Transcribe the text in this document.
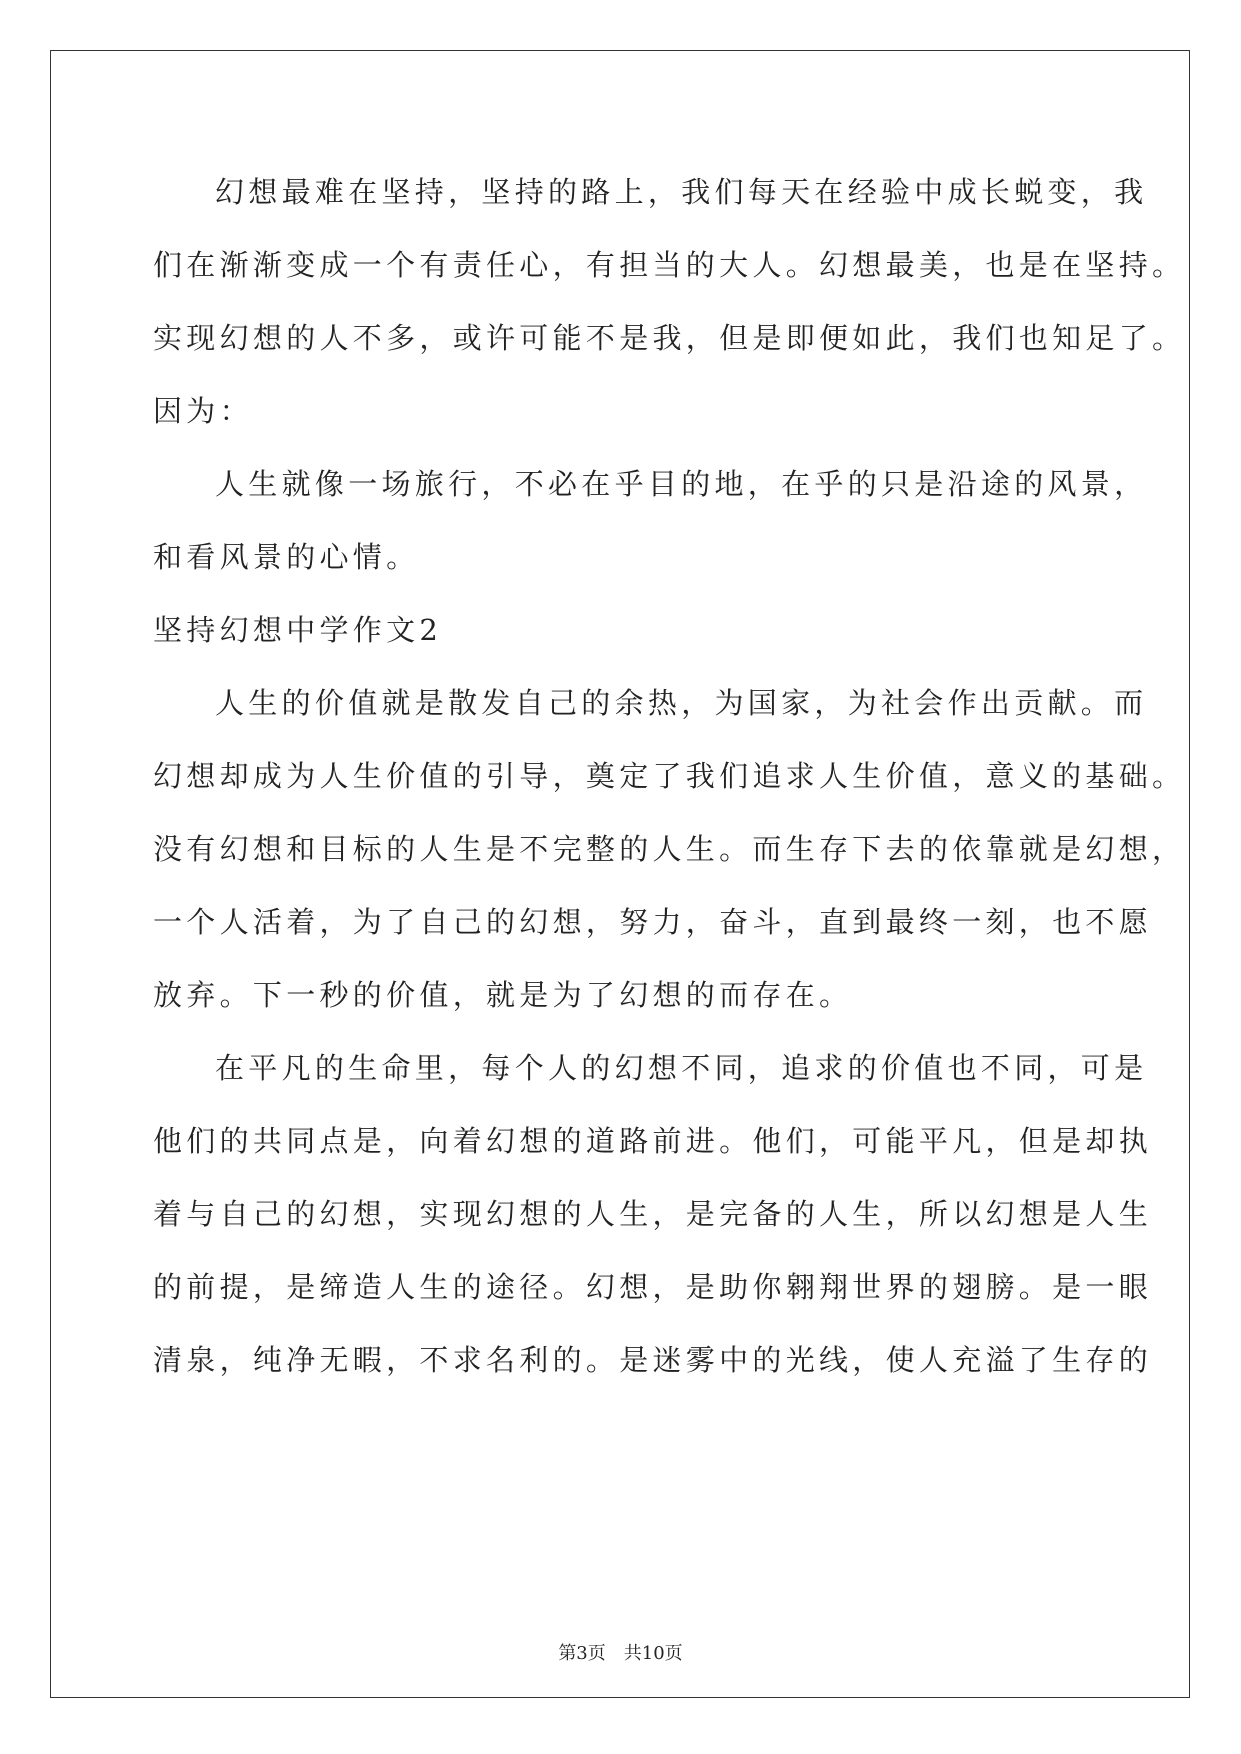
幻想最难在坚持，坚持的路上，我们每天在经验中成长蜕变，我
们在渐渐变成一个有责任心，有担当的大人。幻想最美，也是在坚持。
实现幻想的人不多，或许可能不是我，但是即便如此，我们也知足了。
因为：
人生就像一场旅行，不必在乎目的地，在乎的只是沿途的风景，
和看风景的心情。
坚持幻想中学作文2
人生的价值就是散发自己的余热，为国家，为社会作出贡献。而
幻想却成为人生价值的引导，奠定了我们追求人生价值，意义的基础。
没有幻想和目标的人生是不完整的人生。而生存下去的依靠就是幻想，
一个人活着，为了自己的幻想，努力，奋斗，直到最终一刻，也不愿
放弃。下一秒的价值，就是为了幻想的而存在。
在平凡的生命里，每个人的幻想不同，追求的价值也不同，可是
他们的共同点是，向着幻想的道路前进。他们，可能平凡，但是却执
着与自己的幻想，实现幻想的人生，是完备的人生，所以幻想是人生
的前提，是缔造人生的途径。幻想，是助你翱翔世界的翅膀。是一眼
清泉，纯净无暇，不求名利的。是迷雾中的光线，使人充溢了生存的
第3页　共10页
